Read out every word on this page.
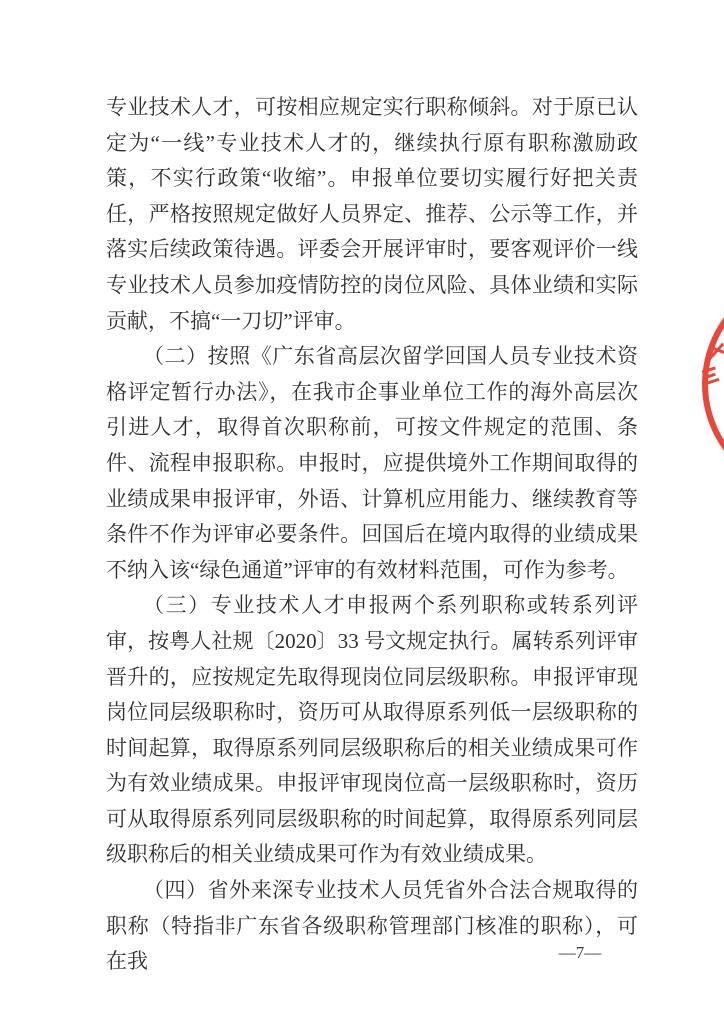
专业技术人才，可按相应规定实行职称倾斜。对于原已认定为“一线”专业技术人才的，继续执行原有职称激励政策，不实行政策“收缩”。申报单位要切实履行好把关责任，严格按照规定做好人员界定、推荐、公示等工作，并落实后续政策待遇。评委会开展评审时，要客观评价一线专业技术人员参加疫情防控的岗位风险、具体业绩和实际贡献，不搞“一刀切”评审。

（二）按照《广东省高层次留学回国人员专业技术资格评定暂行办法》，在我市企事业单位工作的海外高层次引进人才，取得首次职称前，可按文件规定的范围、条件、流程申报职称。申报时，应提供境外工作期间取得的业绩成果申报评审，外语、计算机应用能力、继续教育等条件不作为评审必要条件。回国后在境内取得的业绩成果不纳入该“绿色通道”评审的有效材料范围，可作为参考。

（三）专业技术人才申报两个系列职称或转系列评审，按粤人社规〔2020〕33 号文规定执行。属转系列评审晋升的，应按规定先取得现岗位同层级职称。申报评审现岗位同层级职称时，资历可从取得原系列低一层级职称的时间起算，取得原系列同层级职称后的相关业绩成果可作为有效业绩成果。申报评审现岗位高一层级职称时，资历可从取得原系列同层级职称的时间起算，取得原系列同层级职称后的相关业绩成果可作为有效业绩成果。

（四）省外来深专业技术人员凭省外合法合规取得的职称（特指非广东省各级职称管理部门核准的职称），可在我	—7—
